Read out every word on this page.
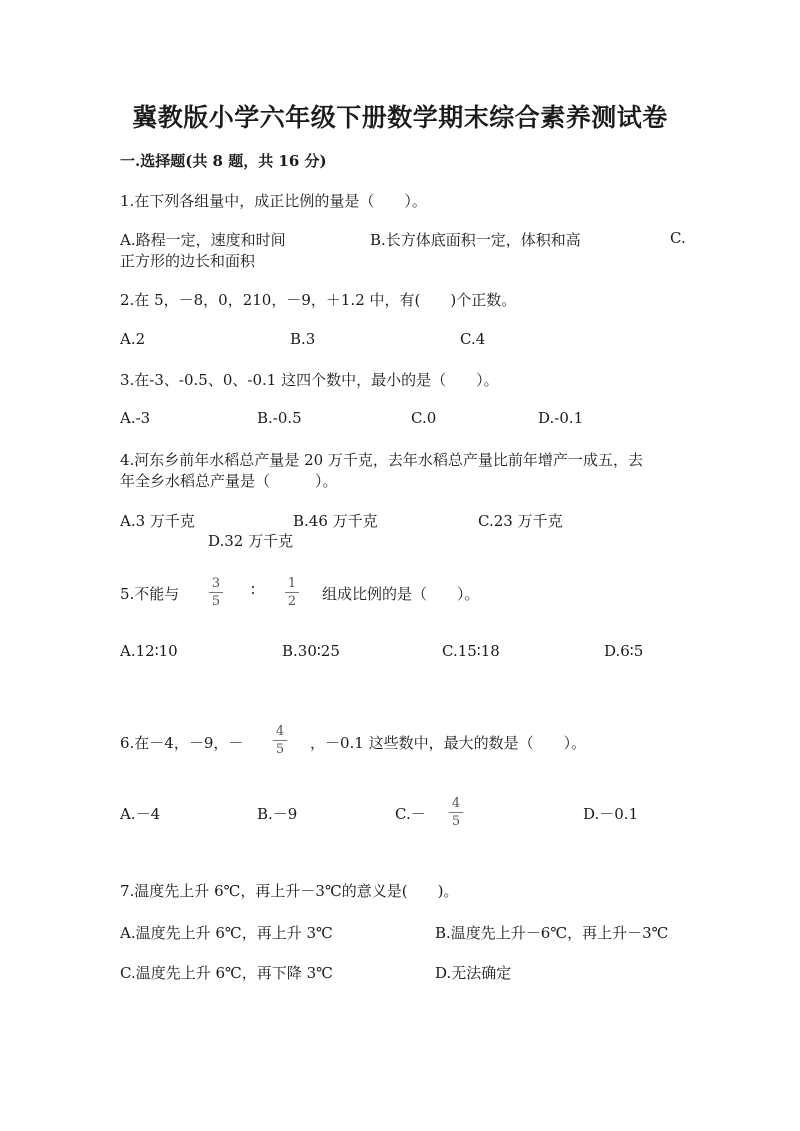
冀教版小学六年级下册数学期末综合素养测试卷
一.选择题(共 8 题，共 16 分)
1.在下列各组量中，成正比例的量是（　　）。
A.路程一定，速度和时间	B.长方体底面积一定，体积和高	C.
正方形的边长和面积
2.在 5，－8，0，210，－9，＋1.2 中，有(　　)个正数。
A.2	B.3	C.4
3.在-3、-0.5、0、-0.1 这四个数中，最小的是（　　）。
A.-3	B.-0.5	C.0	D.-0.1
4.河东乡前年水稻总产量是 20 万千克，去年水稻总产量比前年增产一成五，去
年全乡水稻总产量是（　　　）。
A.3 万千克	B.46 万千克	C.23 万千克
D.32 万千克
5.不能与 $\frac{3}{5}$ ∶ $\frac{1}{2}$ 组成比例的是（　　）。
A.12∶10	B.30∶25	C.15∶18	D.6∶5
6.在－4，－9，－ $\frac{4}{5}$ ，－0.1 这些数中，最大的数是（　　）。
A.－4	B.－9	$C.- \frac{4}{5}$	D.－0.1
7.温度先上升 6℃，再上升－3℃的意义是(　　)。
A.温度先上升 6℃，再上升 3℃	B.温度先上升－6℃，再上升－3℃
C.温度先上升 6℃，再下降 3℃	D.无法确定
